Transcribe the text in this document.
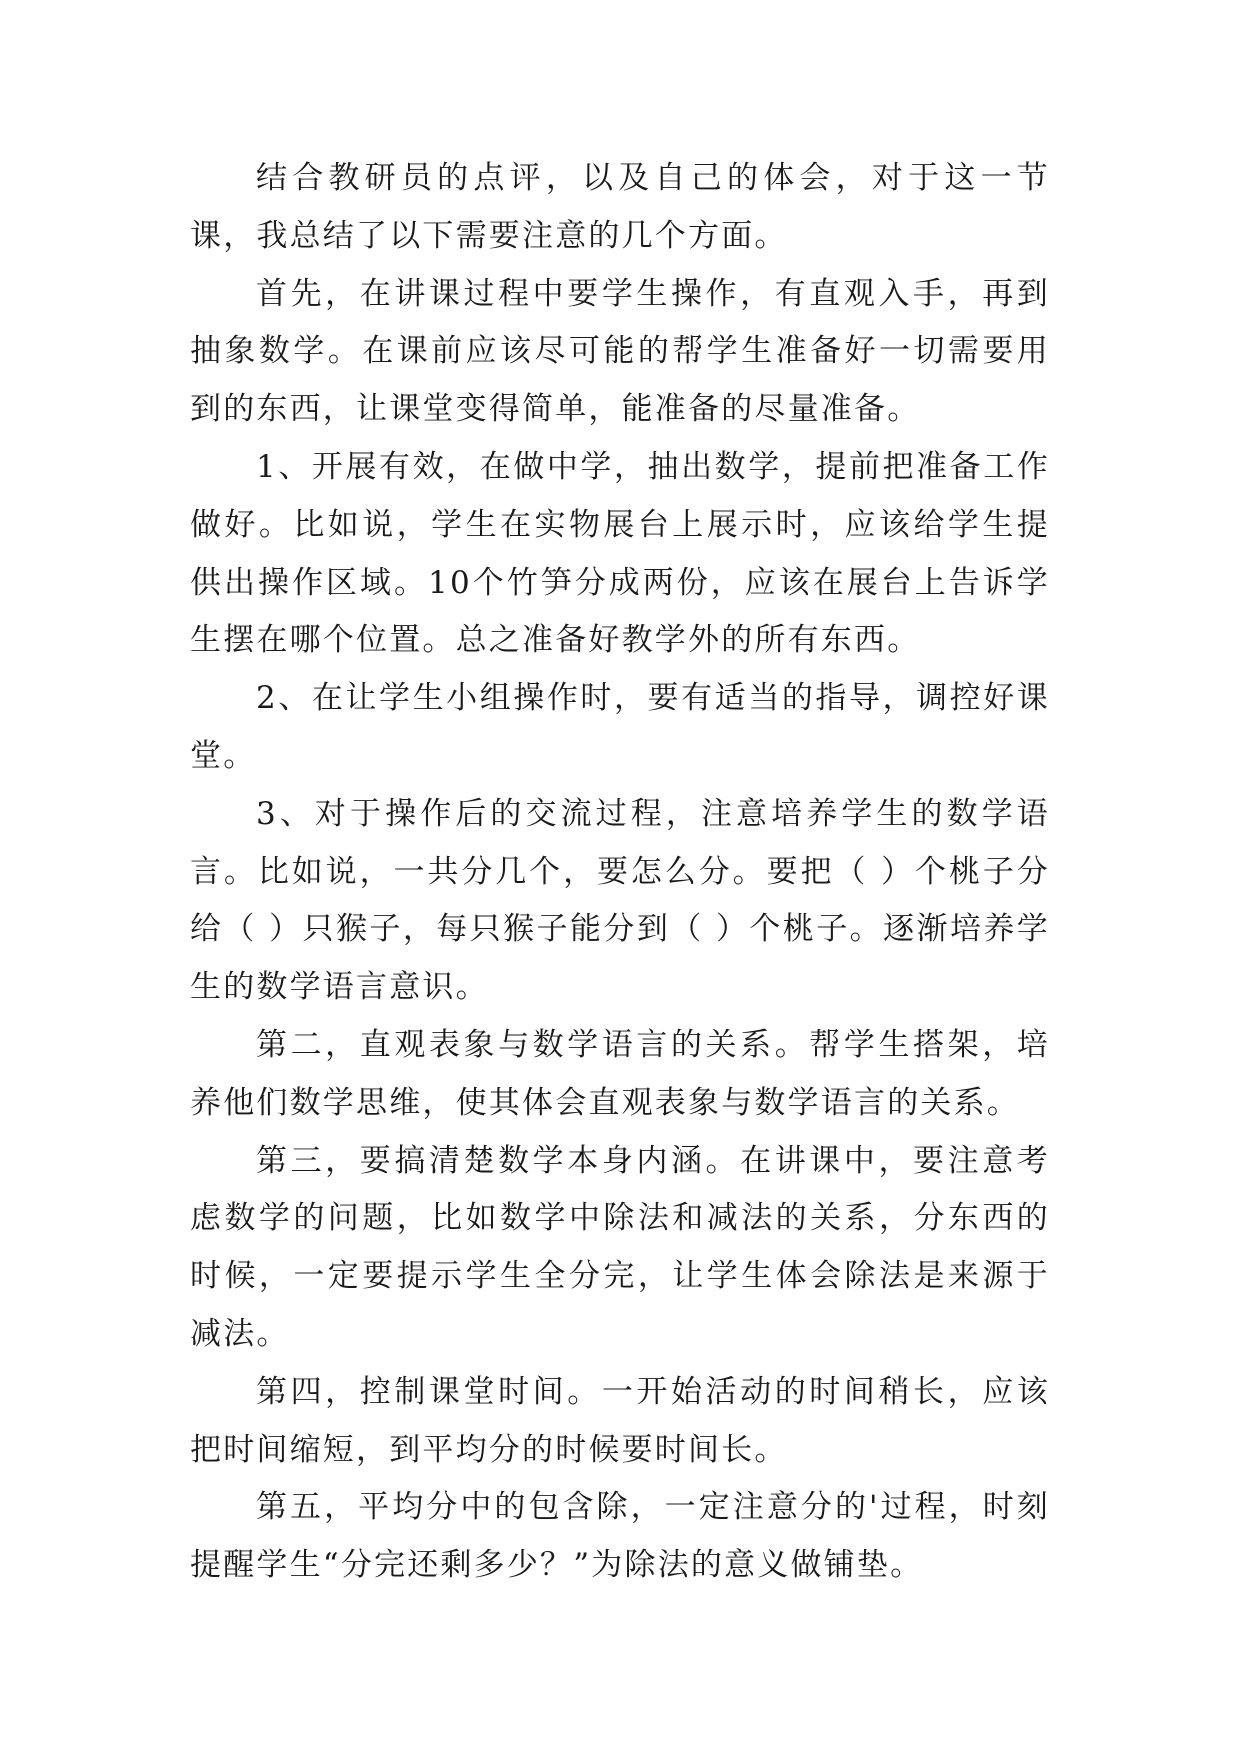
结合教研员的点评，以及自己的体会，对于这一节课，我总结了以下需要注意的几个方面。

首先，在讲课过程中要学生操作，有直观入手，再到抽象数学。在课前应该尽可能的帮学生准备好一切需要用到的东西，让课堂变得简单，能准备的尽量准备。

1、开展有效，在做中学，抽出数学，提前把准备工作做好。比如说，学生在实物展台上展示时，应该给学生提供出操作区域。10个竹笋分成两份，应该在展台上告诉学生摆在哪个位置。总之准备好教学外的所有东西。

2、在让学生小组操作时，要有适当的指导，调控好课堂。

3、对于操作后的交流过程，注意培养学生的数学语言。比如说，一共分几个，要怎么分。要把（ ）个桃子分给（ ）只猴子，每只猴子能分到（ ）个桃子。逐渐培养学生的数学语言意识。

第二，直观表象与数学语言的关系。帮学生搭架，培养他们数学思维，使其体会直观表象与数学语言的关系。

第三，要搞清楚数学本身内涵。在讲课中，要注意考虑数学的问题，比如数学中除法和减法的关系，分东西的时候，一定要提示学生全分完，让学生体会除法是来源于减法。

第四，控制课堂时间。一开始活动的时间稍长，应该把时间缩短，到平均分的时候要时间长。

第五，平均分中的包含除，一定注意分的'过程，时刻提醒学生“分完还剩多少？”为除法的意义做铺垫。
